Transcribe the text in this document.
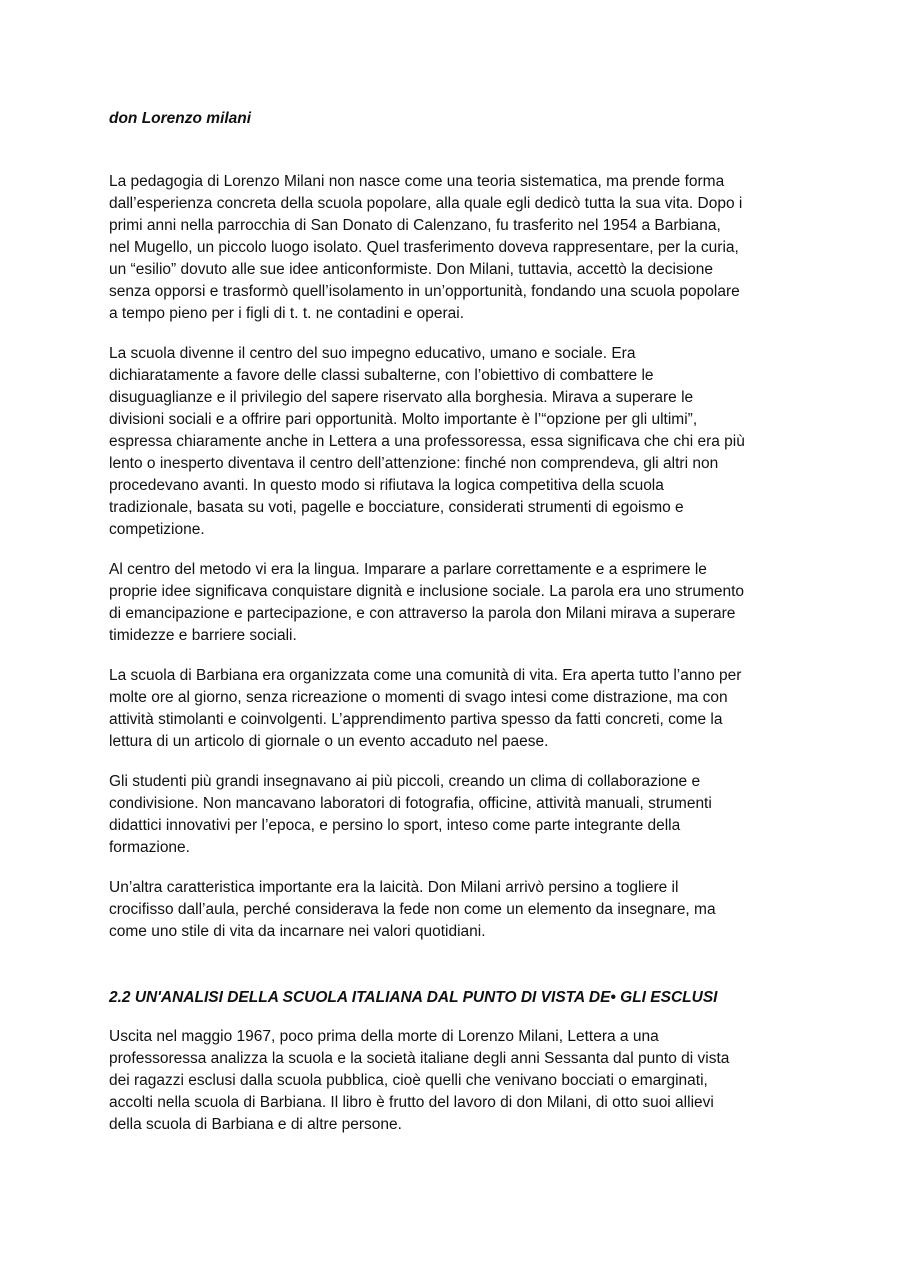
don Lorenzo milani

La pedagogia di Lorenzo Milani non nasce come una teoria sistematica, ma prende forma
dall’esperienza concreta della scuola popolare, alla quale egli dedicò tutta la sua vita. Dopo i
primi anni nella parrocchia di San Donato di Calenzano, fu trasferito nel 1954 a Barbiana,
nel Mugello, un piccolo luogo isolato. Quel trasferimento doveva rappresentare, per la curia,
un “esilio” dovuto alle sue idee anticonformiste. Don Milani, tuttavia, accettò la decisione
senza opporsi e trasformò quell’isolamento in un’opportunità, fondando una scuola popolare
a tempo pieno per i figli di t. t. ne contadini e operai.

La scuola divenne il centro del suo impegno educativo, umano e sociale. Era
dichiaratamente a favore delle classi subalterne, con l’obiettivo di combattere le
disuguaglianze e il privilegio del sapere riservato alla borghesia. Mirava a superare le
divisioni sociali e a offrire pari opportunità. Molto importante è l’“opzione per gli ultimi”,
espressa chiaramente anche in Lettera a una professoressa, essa significava che chi era più
lento o inesperto diventava il centro dell’attenzione: finché non comprendeva, gli altri non
procedevano avanti. In questo modo si rifiutava la logica competitiva della scuola
tradizionale, basata su voti, pagelle e bocciature, considerati strumenti di egoismo e
competizione.

Al centro del metodo vi era la lingua. Imparare a parlare correttamente e a esprimere le
proprie idee significava conquistare dignità e inclusione sociale. La parola era uno strumento
di emancipazione e partecipazione, e con attraverso la parola don Milani mirava a superare
timidezze e barriere sociali.

La scuola di Barbiana era organizzata come una comunità di vita. Era aperta tutto l’anno per
molte ore al giorno, senza ricreazione o momenti di svago intesi come distrazione, ma con
attività stimolanti e coinvolgenti. L’apprendimento partiva spesso da fatti concreti, come la
lettura di un articolo di giornale o un evento accaduto nel paese.

Gli studenti più grandi insegnavano ai più piccoli, creando un clima di collaborazione e
condivisione. Non mancavano laboratori di fotografia, officine, attività manuali, strumenti
didattici innovativi per l’epoca, e persino lo sport, inteso come parte integrante della
formazione.

Un’altra caratteristica importante era la laicità. Don Milani arrivò persino a togliere il
crocifisso dall’aula, perché considerava la fede non come un elemento da insegnare, ma
come uno stile di vita da incarnare nei valori quotidiani.

2.2 UN'ANALISI DELLA SCUOLA ITALIANA DAL PUNTO DI VISTA DE• GLI ESCLUSI

Uscita nel maggio 1967, poco prima della morte di Lorenzo Milani, Lettera a una
professoressa analizza la scuola e la società italiane degli anni Sessanta dal punto di vista
dei ragazzi esclusi dalla scuola pubblica, cioè quelli che venivano bocciati o emarginati,
accolti nella scuola di Barbiana. Il libro è frutto del lavoro di don Milani, di otto suoi allievi
della scuola di Barbiana e di altre persone.
